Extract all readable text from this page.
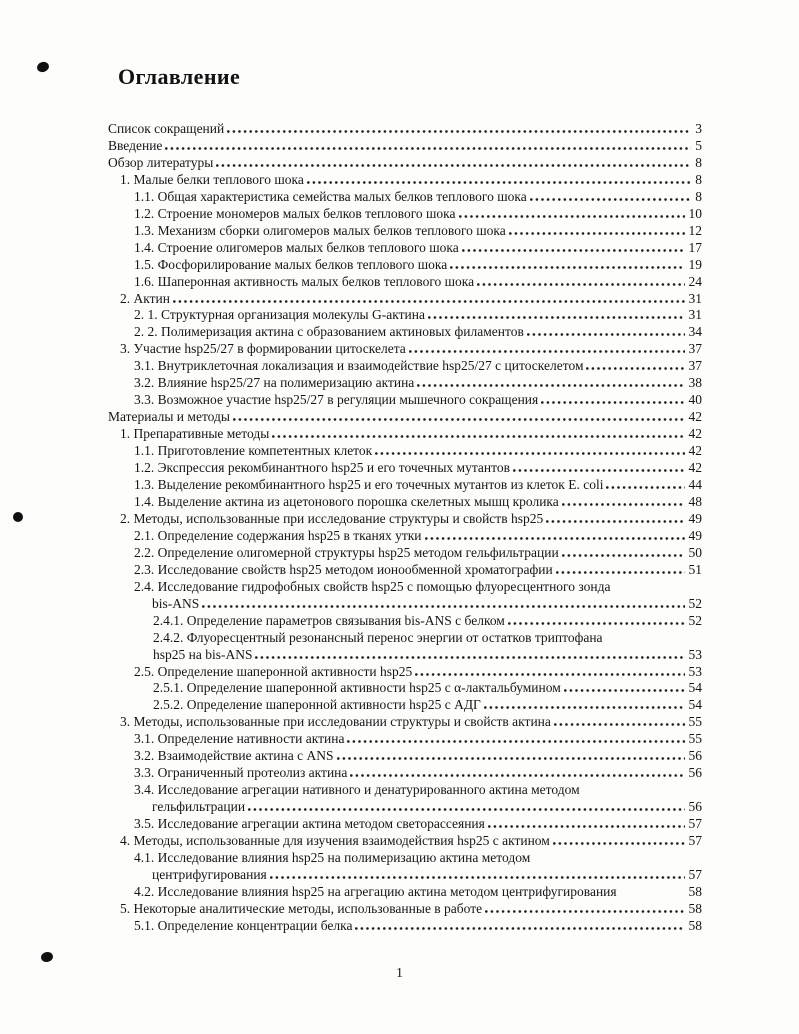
Оглавление
Список сокращений	3
Введение	5
Обзор литературы	8
1. Малые белки теплового шока	8
1.1. Общая характеристика семейства малых белков теплового шока	8
1.2. Строение мономеров малых белков теплового шока	10
1.3. Механизм сборки олигомеров малых белков теплового шока	12
1.4. Строение олигомеров малых белков теплового шока	17
1.5. Фосфорилирование малых белков теплового шока	19
1.6. Шаперонная активность малых белков теплового шока	24
2. Актин	31
2. 1. Структурная организация молекулы G-актина	31
2. 2. Полимеризация актина с образованием актиновых филаментов	34
3. Участие hsp25/27 в формировании цитоскелета	37
3.1. Внутриклеточная локализация и взаимодействие hsp25/27 с цитоскелетом	37
3.2. Влияние hsp25/27 на полимеризацию актина	38
3.3. Возможное участие hsp25/27 в регуляции мышечного сокращения	40
Материалы и методы	42
1. Препаративные методы	42
1.1. Приготовление компетентных клеток	42
1.2. Экспрессия рекомбинантного hsp25 и его точечных мутантов	42
1.3. Выделение рекомбинантного hsp25 и его точечных мутантов из клеток E. coli	44
1.4. Выделение актина из ацетонового порошка скелетных мышц кролика	48
2. Методы, использованные при исследование структуры и свойств hsp25	49
2.1. Определение содержания hsp25 в тканях утки	49
2.2. Определение олигомерной структуры hsp25 методом гельфильтрации	50
2.3. Исследование свойств hsp25 методом ионообменной хроматографии	51
2.4. Исследование гидрофобных свойств hsp25 с помощью флуоресцентного зонда
bis-ANS	52
2.4.1. Определение параметров связывания bis-ANS с белком	52
2.4.2. Флуоресцентный резонансный перенос энергии от остатков триптофана
hsp25 на bis-ANS	53
2.5. Определение шаперонной активности hsp25	53
2.5.1. Определение шаперонной активности hsp25 с α-лактальбумином	54
2.5.2. Определение шаперонной активности hsp25 с АДГ	54
3. Методы, использованные при исследовании структуры и свойств актина	55
3.1. Определение нативности актина	55
3.2. Взаимодействие актина с ANS	56
3.3. Ограниченный протеолиз актина	56
3.4. Исследование агрегации нативного и денатурированного актина методом
гельфильтрации	56
3.5. Исследование агрегации актина методом светорассеяния	57
4. Методы, использованные для изучения взаимодействия hsp25 с актином	57
4.1. Исследование влияния hsp25 на полимеризацию актина методом
центрифугирования	57
4.2. Исследование влияния hsp25 на агрегацию актина методом центрифугирования	58
5. Некоторые аналитические методы, использованные в работе	58
5.1. Определение концентрации белка	58
1
